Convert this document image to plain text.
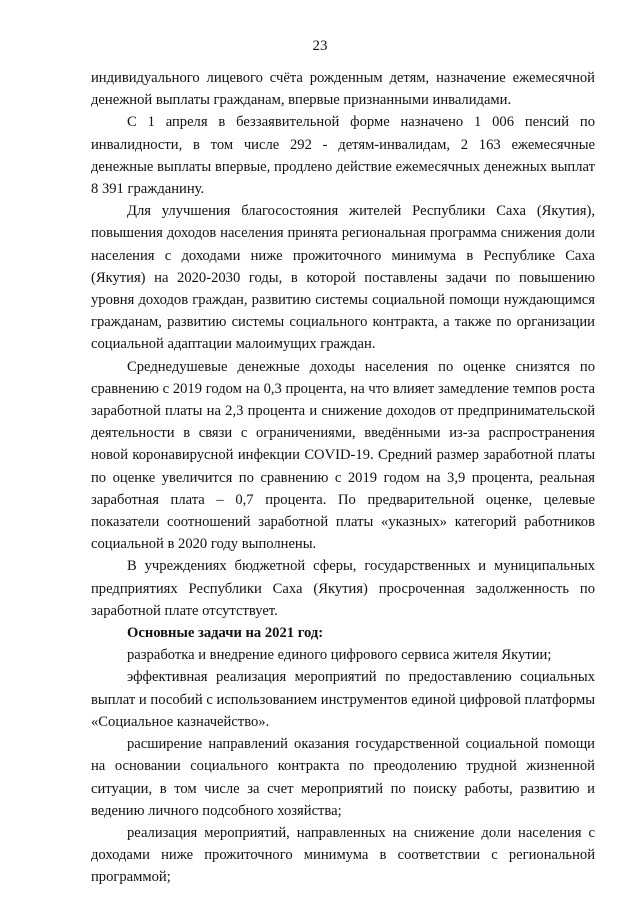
23

индивидуального лицевого счёта рожденным детям, назначение ежемесячной денежной выплаты гражданам, впервые признанными инвалидами.

С 1 апреля в беззаявительной форме назначено 1 006 пенсий по инвалидности, в том числе 292 - детям-инвалидам, 2 163 ежемесячные денежные выплаты впервые, продлено действие ежемесячных денежных выплат 8 391 гражданину.

Для улучшения благосостояния жителей Республики Саха (Якутия), повышения доходов населения принята региональная программа снижения доли населения с доходами ниже прожиточного минимума в Республике Саха (Якутия) на 2020-2030 годы, в которой поставлены задачи по повышению уровня доходов граждан, развитию системы социальной помощи нуждающимся гражданам, развитию системы социального контракта, а также по организации социальной адаптации малоимущих граждан.

Среднедушевые денежные доходы населения по оценке снизятся по сравнению с 2019 годом на 0,3 процента, на что влияет замедление темпов роста заработной платы на 2,3 процента и снижение доходов от предпринимательской деятельности в связи с ограничениями, введёнными из-за распространения новой коронавирусной инфекции COVID-19. Средний размер заработной платы по оценке увеличится по сравнению с 2019 годом на 3,9 процента, реальная заработная плата – 0,7 процента. По предварительной оценке, целевые показатели соотношений заработной платы «указных» категорий работников социальной в 2020 году выполнены.

В учреждениях бюджетной сферы, государственных и муниципальных предприятиях Республики Саха (Якутия) просроченная задолженность по заработной плате отсутствует.

Основные задачи на 2021 год:

разработка и внедрение единого цифрового сервиса жителя Якутии;

эффективная реализация мероприятий по предоставлению социальных выплат и пособий с использованием инструментов единой цифровой платформы «Социальное казначейство».

расширение направлений оказания государственной социальной помощи на основании социального контракта по преодолению трудной жизненной ситуации, в том числе за счет мероприятий по поиску работы, развитию и ведению личного подсобного хозяйства;

реализация мероприятий, направленных на снижение доли населения с доходами ниже прожиточного минимума в соответствии с региональной программой;
